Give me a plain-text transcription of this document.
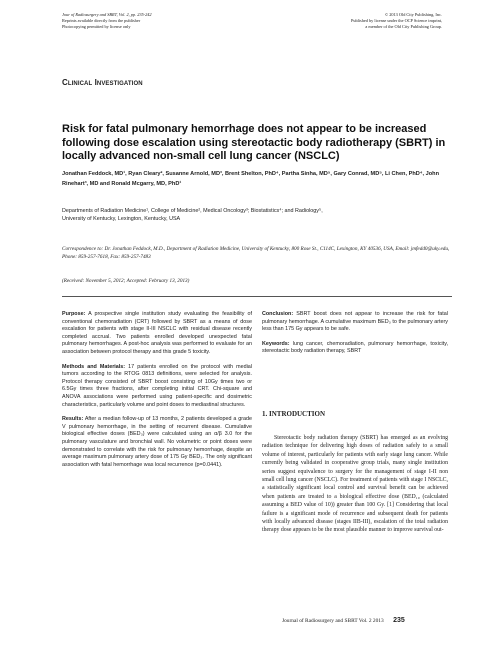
Jour of Radiosurgery and SBRT, Vol. 2, pp. 235-242
Reprints available directly from the publisher
Photocopying permitted by license only
© 2013 Old City Publishing, Inc.
Published by license under the OCP Science imprint,
a member of the Old City Publishing Group.
Clinical Investigation
Risk for fatal pulmonary hemorrhage does not appear to be increased following dose escalation using stereotactic body radiotherapy (SBRT) in locally advanced non-small cell lung cancer (NSCLC)
Jonathan Feddock, MD¹, Ryan Cleary², Susanne Arnold, MD³, Brent Shelton, PhD⁴, Partha Sinha, MD⁵, Gary Conrad, MD⁵, Li Chen, PhD⁴, John Rinehart³, MD and Ronald Mcgarry, MD, PhD¹
Departments of Radiation Medicine¹, College of Medicine², Medical Oncology³; Biostatistics⁴; and Radiology⁵,
University of Kentucky, Lexington, Kentucky, USA
Correspondence to: Dr. Jonathan Feddock, M.D., Department of Radiation Medicine, University of Kentucky, 800 Rose St., C114C, Lexington, KY 40536, USA, Email: jmfedd0@uky.edu, Phone: 859-257-7618, Fax: 859-257-7483
(Received: November 5, 2012; Accepted: February 13, 2013)
Purpose: A prospective single institution study evaluating the feasibility of conventional chemoradiation (CRT) followed by SBRT as a means of dose escalation for patients with stage II-III NSCLC with residual disease recently completed accrual. Two patients enrolled developed unexpected fatal pulmonary hemorrhages. A post-hoc analysis was performed to evaluate for an association between protocol therapy and this grade 5 toxicity.
Methods and Materials: 17 patients enrolled on the protocol with medial tumors according to the RTOG 0813 definitions, were selected for analysis. Protocol therapy consisted of SBRT boost consisting of 10Gy times two or 6.5Gy times three fractions, after completing initial CRT. Chi-square and ANOVA associations were performed using patient-specific and dosimetric characteristics, particularly volume and point doses to mediastinal structures.
Results: After a median follow-up of 13 months, 2 patients developed a grade V pulmonary hemorrhage, in the setting of recurrent disease. Cumulative biological effective doses (BED₃) were calculated using an α/β 3.0 for the pulmonary vasculature and bronchial wall. No volumetric or point doses were demonstrated to correlate with the risk for pulmonary hemorrhage, despite an average maximum pulmonary artery dose of 175 Gy BED₃. The only significant association with fatal hemorrhage was local recurrence (p=0.0441).
Conclusion: SBRT boost does not appear to increase the risk for fatal pulmonary hemorrhage. A cumulative maximum BED₃ to the pulmonary artery less than 175 Gy appears to be safe.
Keywords: lung cancer, chemoradiation, pulmonary hemorrhage, toxicity, stereotactic body radiation therapy, SBRT
1. INTRODUCTION
Stereotactic body radiation therapy (SBRT) has emerged as an evolving radiation technique for delivering high doses of radiation safely to a small volume of interest, particularly for patients with early stage lung cancer. While currently being validated in cooperative group trials, many single institution series suggest equivalence to surgery for the management of stage I-II non small cell lung cancer (NSCLC). For treatment of patients with stage I NSCLC, a statistically significant local control and survival benefit can be achieved when patients are treated to a biological effective dose (BED₁₀ (calculated assuming a BED value of 10)) greater than 100 Gy. [1] Considering that local failure is a significant mode of recurrence and subsequent death for patients with locally advanced disease (stages IIB-III), escalation of the total radiation therapy dose appears to be the most plausible manner to improve survival out-
Journal of Radiosurgery and SBRT Vol. 2 2013 235
